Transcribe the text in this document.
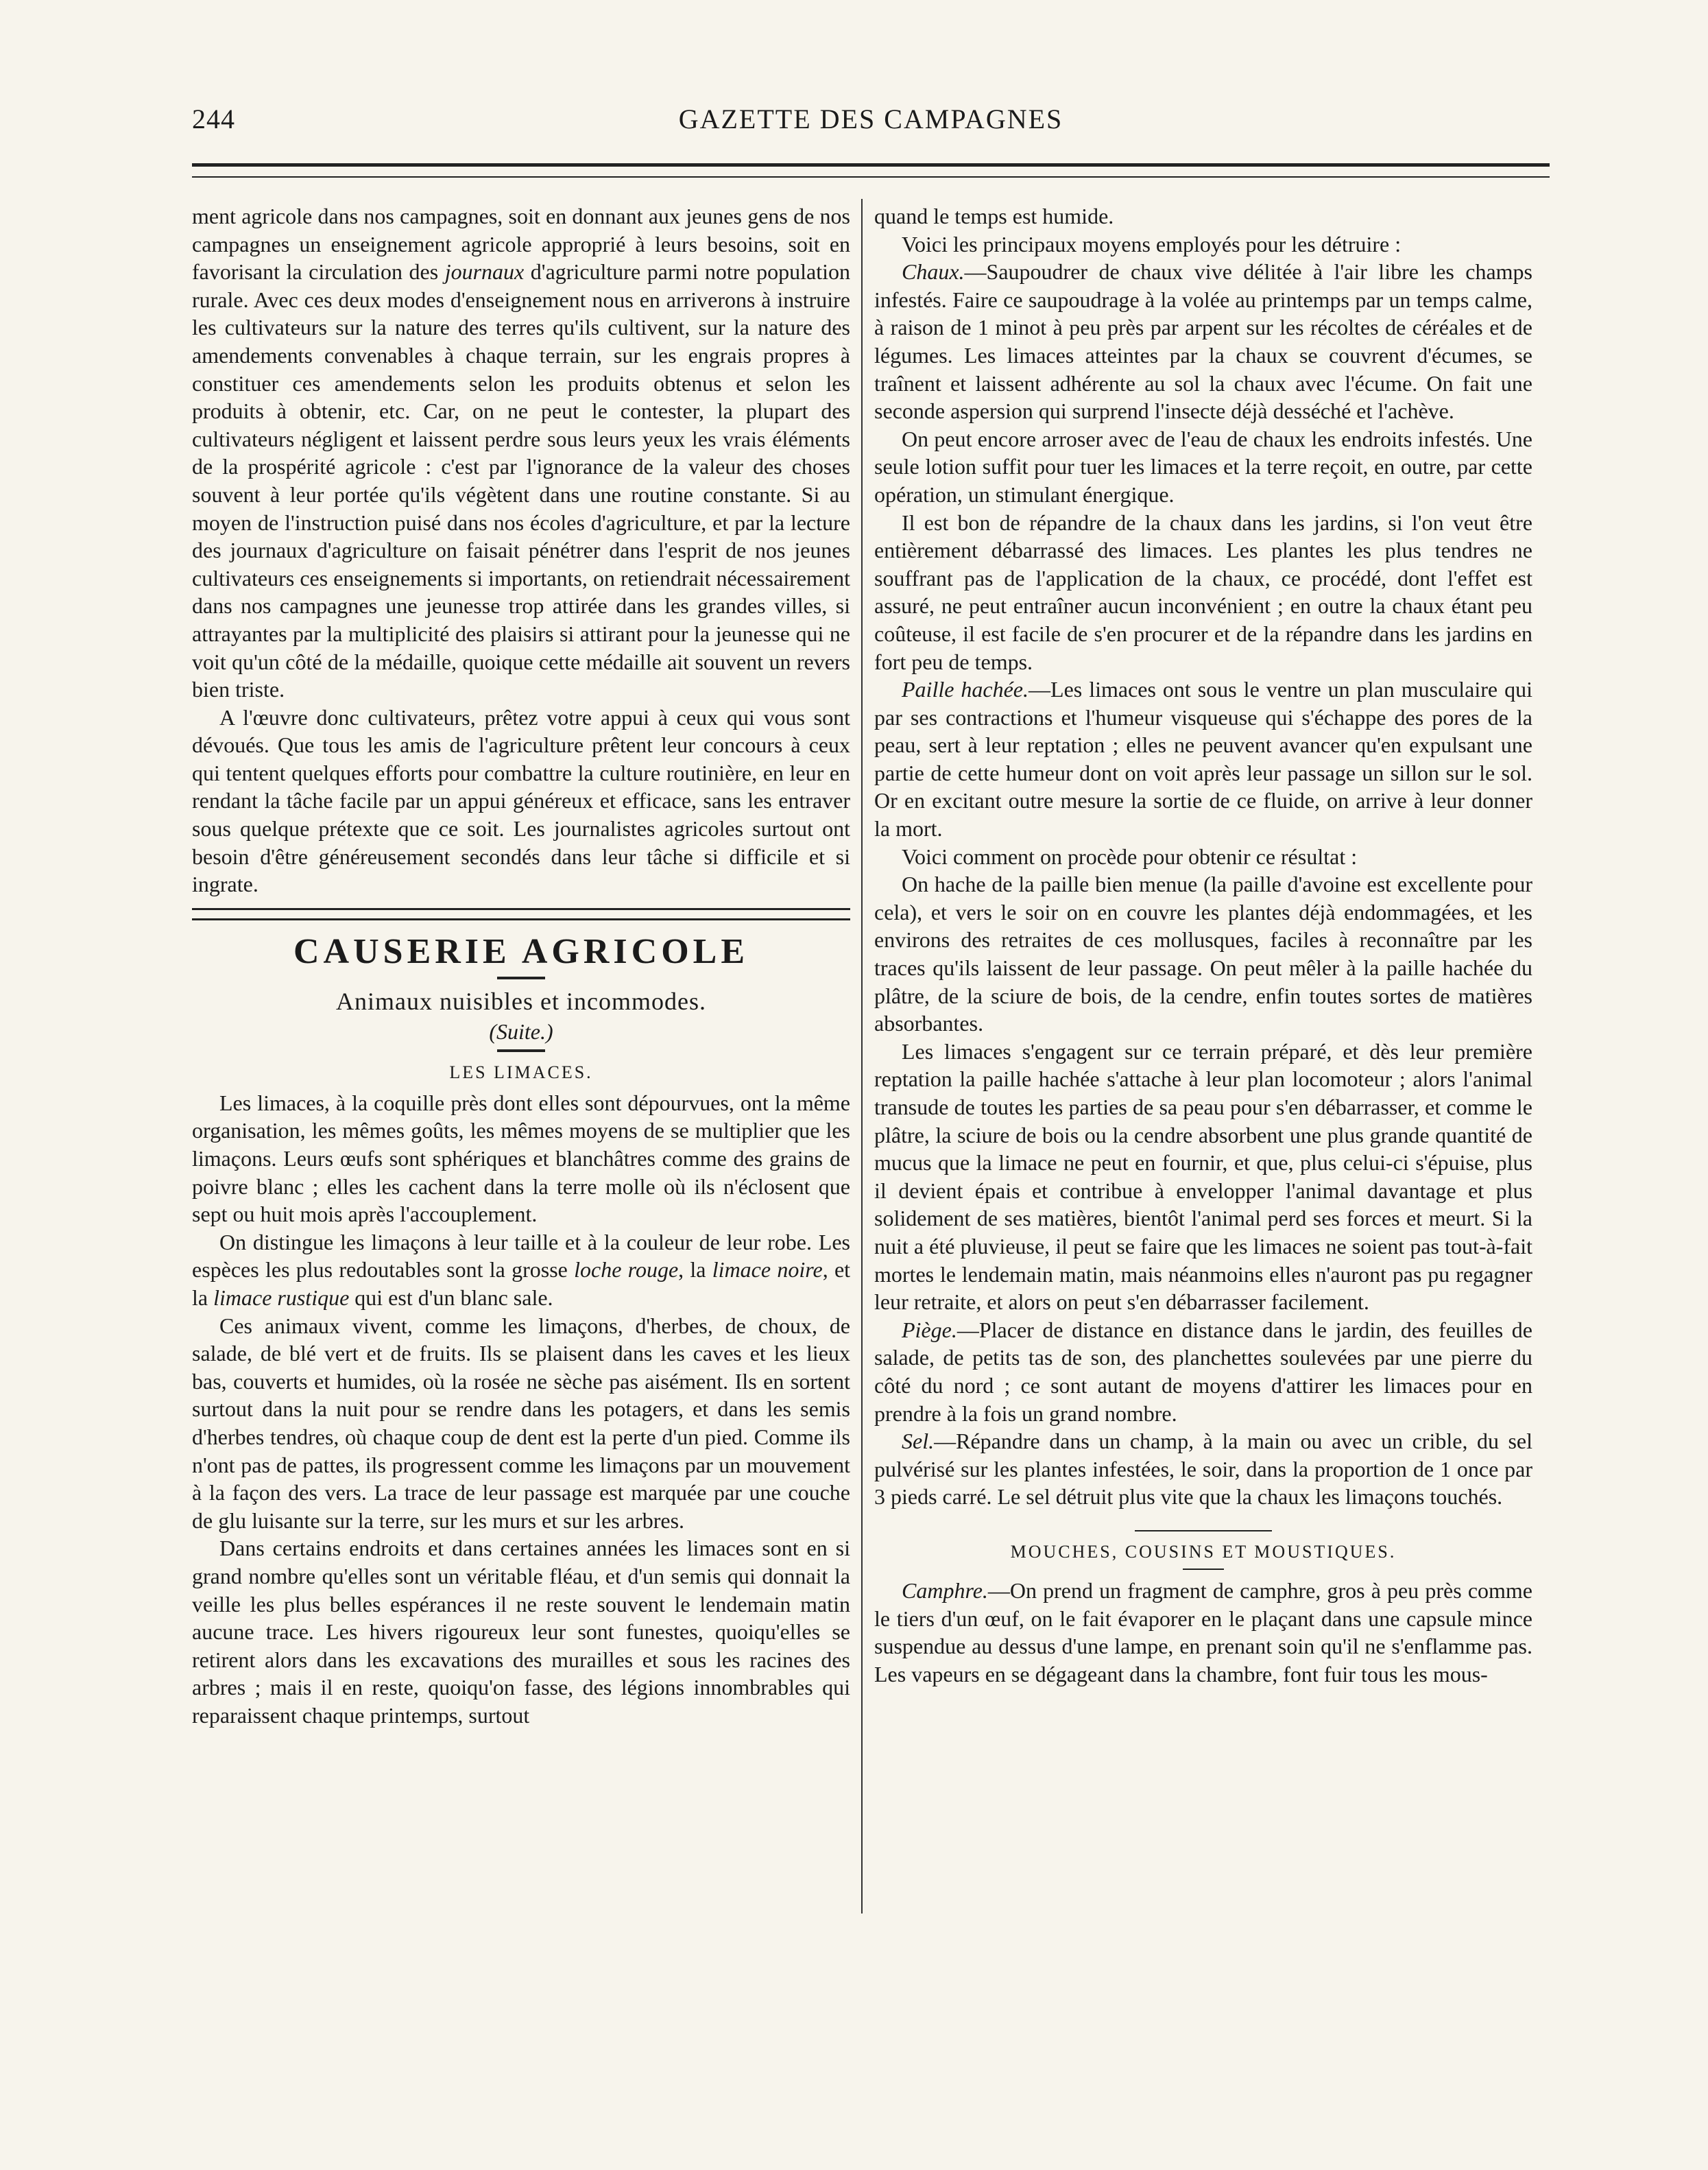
244	GAZETTE DES CAMPAGNES

ment agricole dans nos campagnes, soit en donnant aux jeunes gens de nos campagnes un enseignement agricole approprié à leurs besoins, soit en favorisant la circulation des journaux d'agriculture parmi notre population rurale. Avec ces deux modes d'enseignement nous en arriverons à instruire les cultivateurs sur la nature des terres qu'ils cultivent, sur la nature des amendements convenables à chaque terrain, sur les engrais propres à constituer ces amendements selon les produits obtenus et selon les produits à obtenir, etc. Car, on ne peut le contester, la plupart des cultivateurs négligent et laissent perdre sous leurs yeux les vrais éléments de la prospérité agricole : c'est par l'ignorance de la valeur des choses souvent à leur portée qu'ils végètent dans une routine constante. Si au moyen de l'instruction puisé dans nos écoles d'agriculture, et par la lecture des journaux d'agriculture on faisait pénétrer dans l'esprit de nos jeunes cultivateurs ces enseignements si importants, on retiendrait nécessairement dans nos campagnes une jeunesse trop attirée dans les grandes villes, si attrayantes par la multiplicité des plaisirs si attirant pour la jeunesse qui ne voit qu'un côté de la médaille, quoique cette médaille ait souvent un revers bien triste.

A l'œuvre donc cultivateurs, prêtez votre appui à ceux qui vous sont dévoués. Que tous les amis de l'agriculture prêtent leur concours à ceux qui tentent quelques efforts pour combattre la culture routinière, en leur en rendant la tâche facile par un appui généreux et efficace, sans les entraver sous quelque prétexte que ce soit. Les journalistes agricoles surtout ont besoin d'être généreusement secondés dans leur tâche si difficile et si ingrate.

CAUSERIE AGRICOLE
Animaux nuisibles et incommodes.
(Suite.)
LES LIMACES.

Les limaces, à la coquille près dont elles sont dépourvues, ont la même organisation, les mêmes goûts, les mêmes moyens de se multiplier que les limaçons. Leurs œufs sont sphériques et blanchâtres comme des grains de poivre blanc ; elles les cachent dans la terre molle où ils n'éclosent que sept ou huit mois après l'accouplement.

On distingue les limaçons à leur taille et à la couleur de leur robe. Les espèces les plus redoutables sont la grosse loche rouge, la limace noire, et la limace rustique qui est d'un blanc sale.

Ces animaux vivent, comme les limaçons, d'herbes, de choux, de salade, de blé vert et de fruits. Ils se plaisent dans les caves et les lieux bas, couverts et humides, où la rosée ne sèche pas aisément. Ils en sortent surtout dans la nuit pour se rendre dans les potagers, et dans les semis d'herbes tendres, où chaque coup de dent est la perte d'un pied. Comme ils n'ont pas de pattes, ils progressent comme les limaçons par un mouvement à la façon des vers. La trace de leur passage est marquée par une couche de glu luisante sur la terre, sur les murs et sur les arbres.

Dans certains endroits et dans certaines années les limaces sont en si grand nombre qu'elles sont un véritable fléau, et d'un semis qui donnait la veille les plus belles espérances il ne reste souvent le lendemain matin aucune trace. Les hivers rigoureux leur sont funestes, quoiqu'elles se retirent alors dans les excavations des murailles et sous les racines des arbres ; mais il en reste, quoiqu'on fasse, des légions innombrables qui reparaissent chaque printemps, surtout

quand le temps est humide.

Voici les principaux moyens employés pour les détruire :

Chaux.—Saupoudrer de chaux vive délitée à l'air libre les champs infestés. Faire ce saupoudrage à la volée au printemps par un temps calme, à raison de 1 minot à peu près par arpent sur les récoltes de céréales et de légumes. Les limaces atteintes par la chaux se couvrent d'écumes, se traînent et laissent adhérente au sol la chaux avec l'écume. On fait une seconde aspersion qui surprend l'insecte déjà desséché et l'achève.

On peut encore arroser avec de l'eau de chaux les endroits infestés. Une seule lotion suffit pour tuer les limaces et la terre reçoit, en outre, par cette opération, un stimulant énergique.

Il est bon de répandre de la chaux dans les jardins, si l'on veut être entièrement débarrassé des limaces. Les plantes les plus tendres ne souffrant pas de l'application de la chaux, ce procédé, dont l'effet est assuré, ne peut entraîner aucun inconvénient ; en outre la chaux étant peu coûteuse, il est facile de s'en procurer et de la répandre dans les jardins en fort peu de temps.

Paille hachée.—Les limaces ont sous le ventre un plan musculaire qui par ses contractions et l'humeur visqueuse qui s'échappe des pores de la peau, sert à leur reptation ; elles ne peuvent avancer qu'en expulsant une partie de cette humeur dont on voit après leur passage un sillon sur le sol. Or en excitant outre mesure la sortie de ce fluide, on arrive à leur donner la mort.

Voici comment on procède pour obtenir ce résultat :

On hache de la paille bien menue (la paille d'avoine est excellente pour cela), et vers le soir on en couvre les plantes déjà endommagées, et les environs des retraites de ces mollusques, faciles à reconnaître par les traces qu'ils laissent de leur passage. On peut mêler à la paille hachée du plâtre, de la sciure de bois, de la cendre, enfin toutes sortes de matières absorbantes.

Les limaces s'engagent sur ce terrain préparé, et dès leur première reptation la paille hachée s'attache à leur plan locomoteur ; alors l'animal transude de toutes les parties de sa peau pour s'en débarrasser, et comme le plâtre, la sciure de bois ou la cendre absorbent une plus grande quantité de mucus que la limace ne peut en fournir, et que, plus celui-ci s'épuise, plus il devient épais et contribue à envelopper l'animal davantage et plus solidement de ses matières, bientôt l'animal perd ses forces et meurt. Si la nuit a été pluvieuse, il peut se faire que les limaces ne soient pas tout-à-fait mortes le lendemain matin, mais néanmoins elles n'auront pas pu regagner leur retraite, et alors on peut s'en débarrasser facilement.

Piège.—Placer de distance en distance dans le jardin, des feuilles de salade, de petits tas de son, des planchettes soulevées par une pierre du côté du nord ; ce sont autant de moyens d'attirer les limaces pour en prendre à la fois un grand nombre.

Sel.—Répandre dans un champ, à la main ou avec un crible, du sel pulvérisé sur les plantes infestées, le soir, dans la proportion de 1 once par 3 pieds carré. Le sel détruit plus vite que la chaux les limaçons touchés.

MOUCHES, COUSINS ET MOUSTIQUES.

Camphre.—On prend un fragment de camphre, gros à peu près comme le tiers d'un œuf, on le fait évaporer en le plaçant dans une capsule mince suspendue au dessus d'une lampe, en prenant soin qu'il ne s'enflamme pas. Les vapeurs en se dégageant dans la chambre, font fuir tous les mous-
